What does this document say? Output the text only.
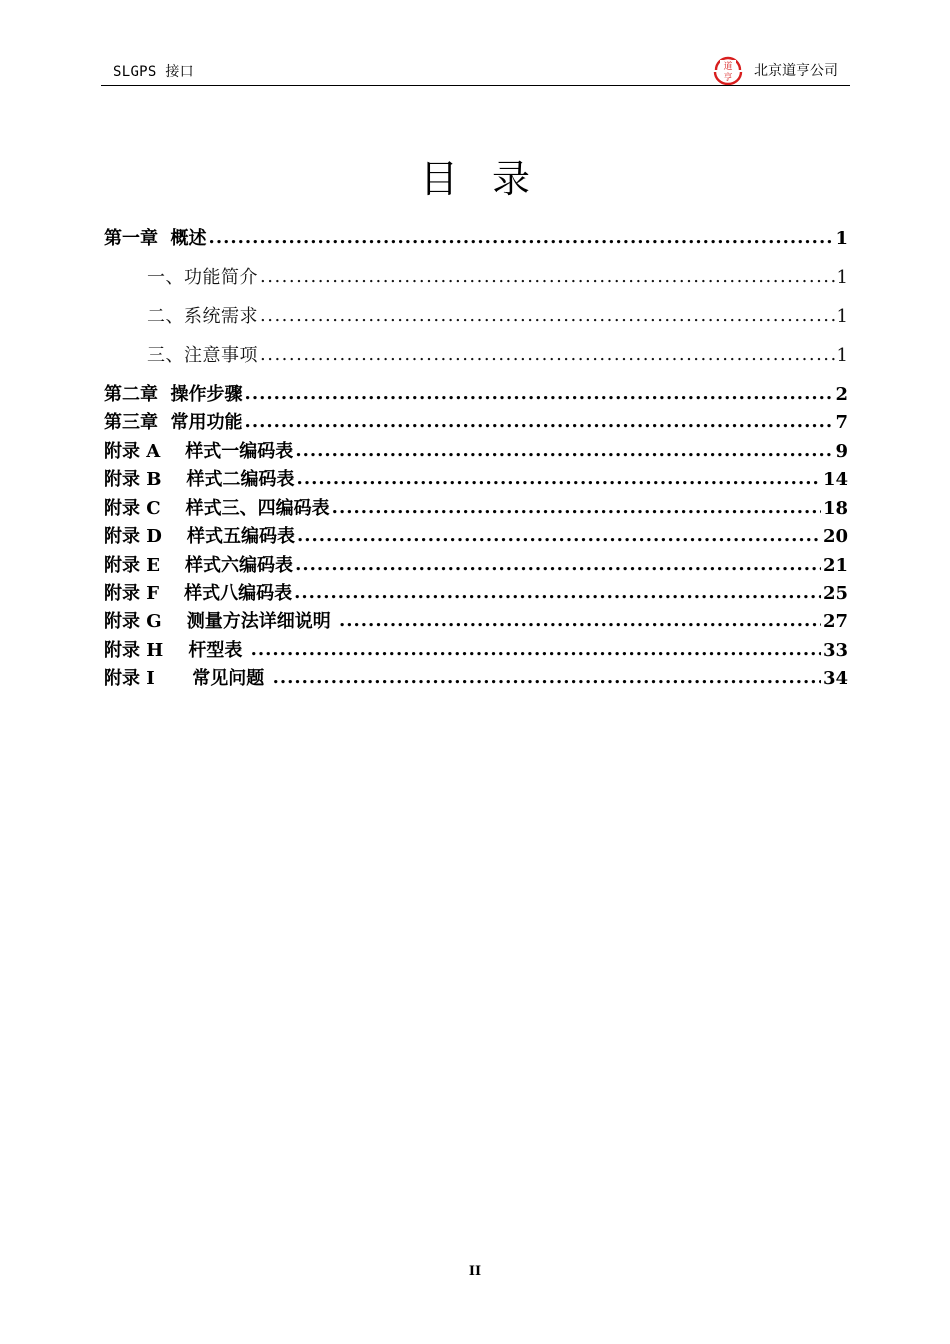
SLGPS 接口	道
亨 北京道亨公司
目录
第一章  概述 .....	1
一、功能简介 .....	1
二、系统需求 .....	1
三、注意事项 .....	1
第二章  操作步骤 .....	2
第三章  常用功能 .....	7
附录 A    样式一编码表 .....	9
附录 B    样式二编码表 .....	14
附录 C    样式三、四编码表 .....	18
附录 D    样式五编码表 .....	20
附录 E    样式六编码表 .....	21
附录 F    样式八编码表 .....	25
附录 G    测量方法详细说明 .....	27
附录 H    杆型表 .....	33
附录 I      常见问题 .....	34
II
